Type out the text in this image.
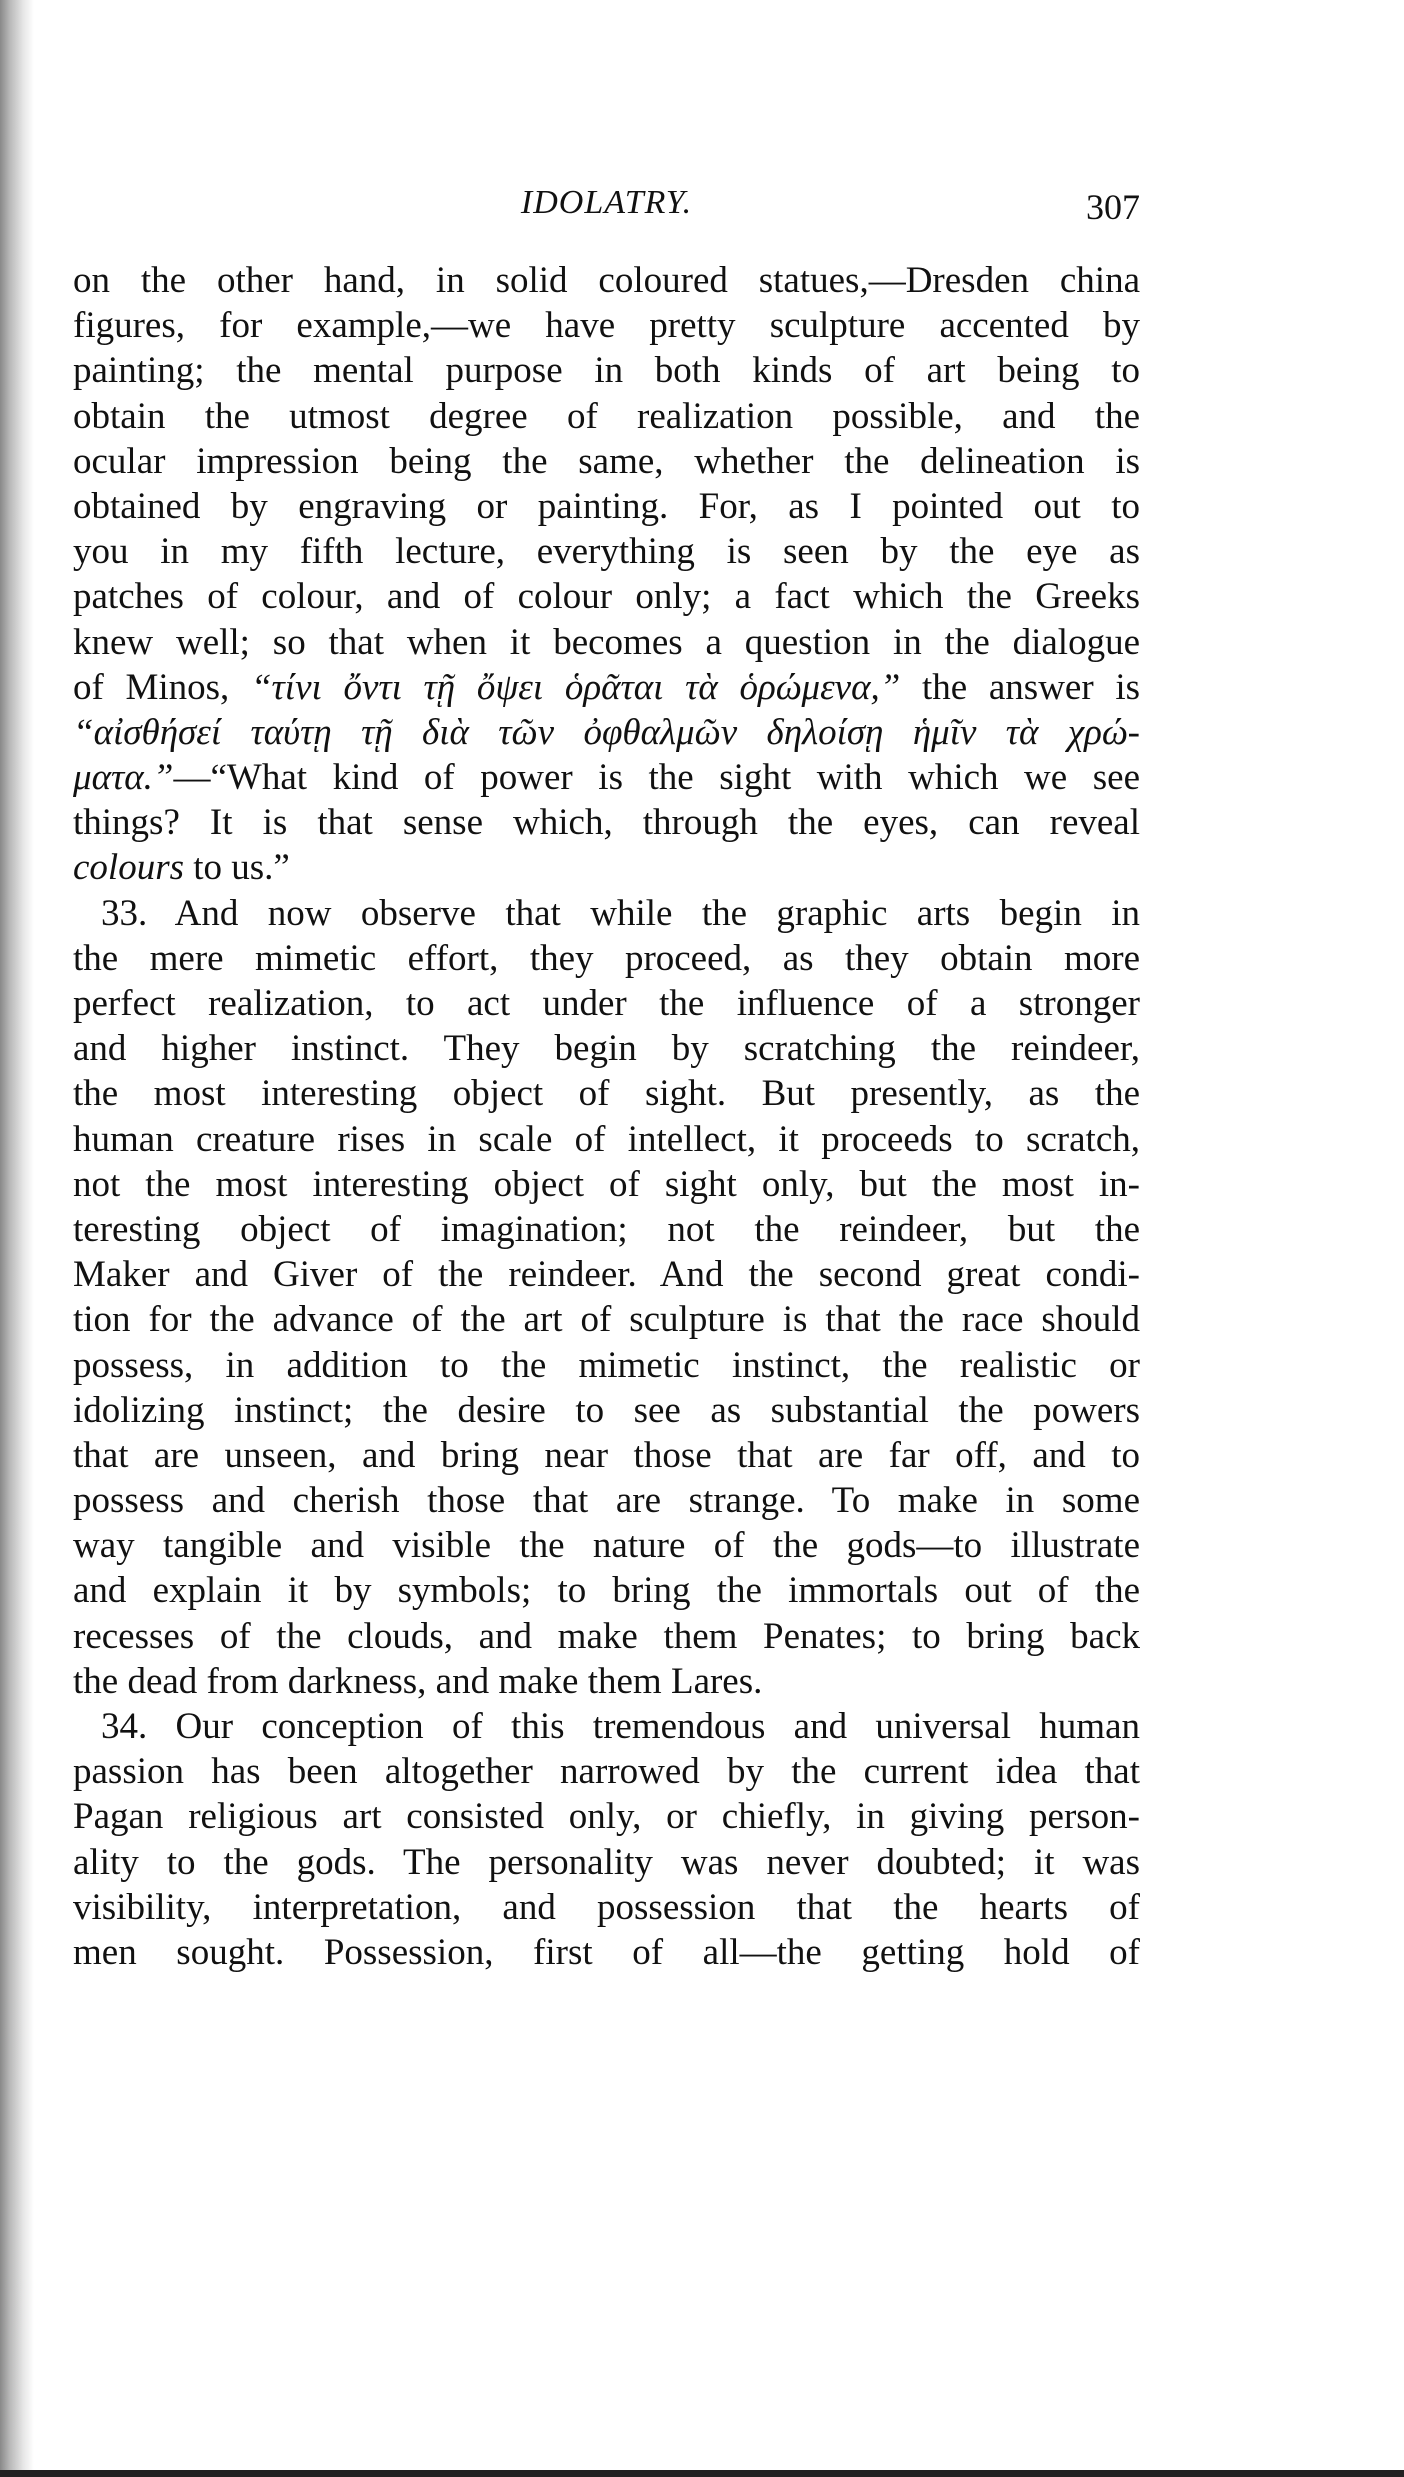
IDOLATRY.	307
on the other hand, in solid coloured statues,—Dresden china
figures, for example,—we have pretty sculpture accented by
painting; the mental purpose in both kinds of art being to
obtain the utmost degree of realization possible, and the
ocular impression being the same, whether the delineation is
obtained by engraving or painting. For, as I pointed out to
you in my fifth lecture, everything is seen by the eye as
patches of colour, and of colour only; a fact which the Greeks
knew well; so that when it becomes a question in the dialogue
of Minos, “τίνι ὄντι τῇ ὄψει ὁρᾶται τὰ ὁρώμενα,” the answer is
“αἰσθήσεί ταύτῃ τῇ διὰ τῶν ὀφθαλμῶν δηλοίσῃ ἡμῖν τὰ χρώ-
ματα.”—“What kind of power is the sight with which we see
things? It is that sense which, through the eyes, can reveal
colours to us.”
33. And now observe that while the graphic arts begin in
the mere mimetic effort, they proceed, as they obtain more
perfect realization, to act under the influence of a stronger
and higher instinct. They begin by scratching the reindeer,
the most interesting object of sight. But presently, as the
human creature rises in scale of intellect, it proceeds to scratch,
not the most interesting object of sight only, but the most in-
teresting object of imagination; not the reindeer, but the
Maker and Giver of the reindeer. And the second great condi-
tion for the advance of the art of sculpture is that the race should
possess, in addition to the mimetic instinct, the realistic or
idolizing instinct; the desire to see as substantial the powers
that are unseen, and bring near those that are far off, and to
possess and cherish those that are strange. To make in some
way tangible and visible the nature of the gods—to illustrate
and explain it by symbols; to bring the immortals out of the
recesses of the clouds, and make them Penates; to bring back
the dead from darkness, and make them Lares.
34. Our conception of this tremendous and universal human
passion has been altogether narrowed by the current idea that
Pagan religious art consisted only, or chiefly, in giving person-
ality to the gods. The personality was never doubted; it was
visibility, interpretation, and possession that the hearts of
men sought. Possession, first of all—the getting hold of
